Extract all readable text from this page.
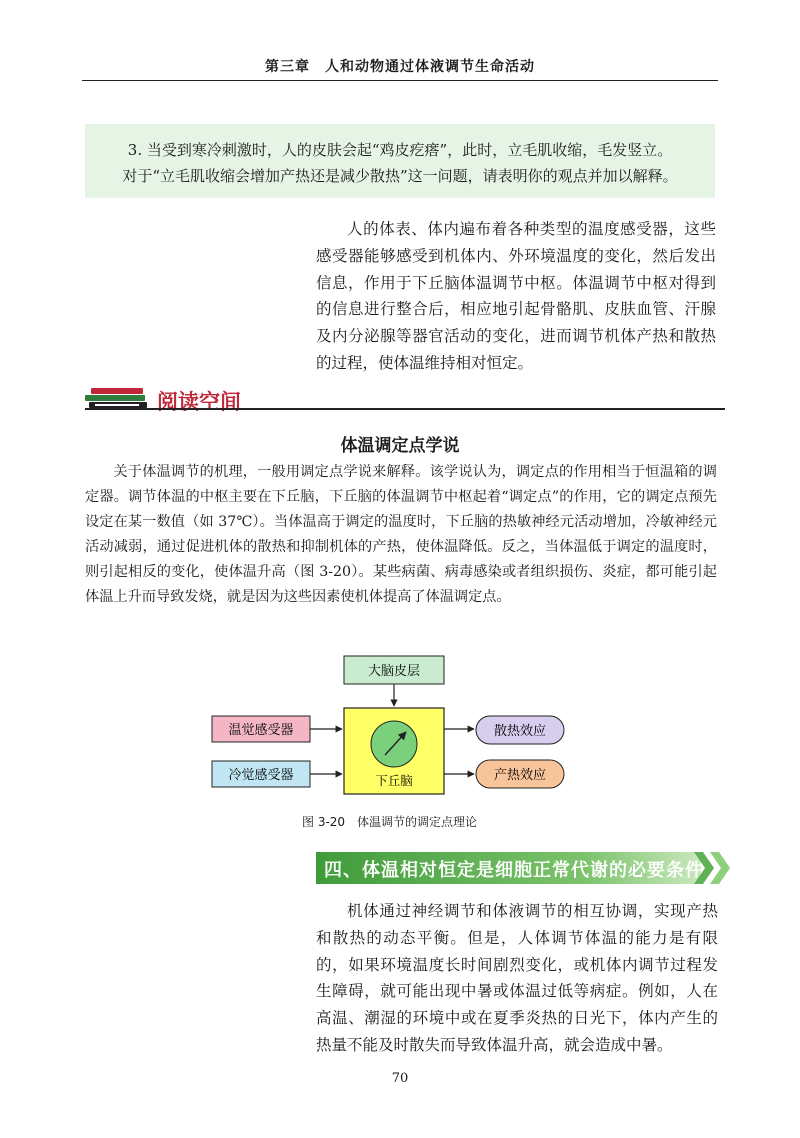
第三章　人和动物通过体液调节生命活动

3. 当受到寒冷刺激时，人的皮肤会起“鸡皮疙瘩”，此时，立毛肌收缩，毛发竖立。

对于“立毛肌收缩会增加产热还是减少散热”这一问题，请表明你的观点并加以解释。

人的体表、体内遍布着各种类型的温度感受器，这些感受器能够感受到机体内、外环境温度的变化，然后发出信息，作用于下丘脑体温调节中枢。体温调节中枢对得到的信息进行整合后，相应地引起骨骼肌、皮肤血管、汗腺及内分泌腺等器官活动的变化，进而调节机体产热和散热的过程，使体温维持相对恒定。

阅读空间
体温调定点学说

关于体温调节的机理，一般用调定点学说来解释。该学说认为，调定点的作用相当于恒温箱的调定器。调节体温的中枢主要在下丘脑，下丘脑的体温调节中枢起着“调定点”的作用，它的调定点预先设定在某一数值（如 37℃）。当体温高于调定的温度时，下丘脑的热敏神经元活动增加，冷敏神经元活动减弱，通过促进机体的散热和抑制机体的产热，使体温降低。反之，当体温低于调定的温度时，则引起相反的变化，使体温升高（图 3-20）。某些病菌、病毒感染或者组织损伤、炎症，都可能引起体温上升而导致发烧，就是因为这些因素使机体提高了体温调定点。

大脑皮层
下丘脑
温觉感受器
冷觉感受器
散热效应
产热效应
图 3-20　体温调节的调定点理论
四、体温相对恒定是细胞正常代谢的必要条件

机体通过神经调节和体液调节的相互协调，实现产热和散热的动态平衡。但是，人体调节体温的能力是有限的，如果环境温度长时间剧烈变化，或机体内调节过程发生障碍，就可能出现中暑或体温过低等病症。例如，人在高温、潮湿的环境中或在夏季炎热的日光下，体内产生的热量不能及时散失而导致体温升高，就会造成中暑。

70
